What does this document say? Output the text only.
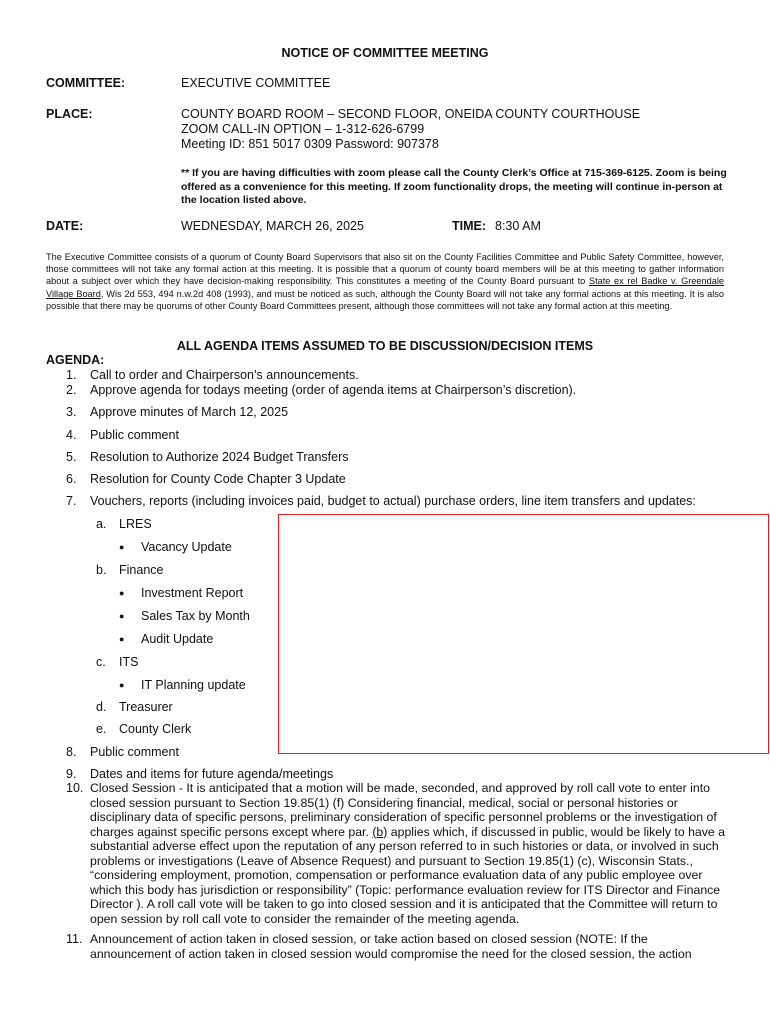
NOTICE OF COMMITTEE MEETING
COMMITTEE:	EXECUTIVE COMMITTEE
PLACE:	COUNTY BOARD ROOM – SECOND FLOOR, ONEIDA COUNTY COURTHOUSE
ZOOM CALL-IN OPTION – 1-312-626-6799
Meeting ID: 851 5017 0309 Password: 907378
** If you are having difficulties with zoom please call the County Clerk’s Office at 715-369-6125. Zoom is being offered as a convenience for this meeting. If zoom functionality drops, the meeting will continue in-person at the location listed above.
DATE:	WEDNESDAY, MARCH 26, 2025	TIME: 8:30 AM
The Executive Committee consists of a quorum of County Board Supervisors that also sit on the County Facilities Committee and Public Safety Committee, however, those committees will not take any formal action at this meeting. It is possible that a quorum of county board members will be at this meeting to gather information about a subject over which they have decision-making responsibility. This constitutes a meeting of the County Board pursuant to State ex rel Badke v. Greendale Village Board, Wis 2d 553, 494 n.w.2d 408 (1993), and must be noticed as such, although the County Board will not take any formal actions at this meeting. It is also possible that there may be quorums of other County Board Committees present, although those committees will not take any formal action at this meeting.
ALL AGENDA ITEMS ASSUMED TO BE DISCUSSION/DECISION ITEMS
AGENDA:
1.	Call to order and Chairperson’s announcements.
2.	Approve agenda for todays meeting (order of agenda items at Chairperson’s discretion).
3.	Approve minutes of March 12, 2025
4.	Public comment
5.	Resolution to Authorize 2024 Budget Transfers
6.	Resolution for County Code Chapter 3 Update
7.	Vouchers, reports (including invoices paid, budget to actual) purchase orders, line item transfers and updates:
a.	LRES
● Vacancy Update
b.	Finance
● Investment Report
● Sales Tax by Month
● Audit Update
c.	ITS
● IT Planning update
d.	Treasurer
e.	County Clerk
8.	Public comment
9.	Dates and items for future agenda/meetings
10. Closed Session - It is anticipated that a motion will be made, seconded, and approved by roll call vote to enter into closed session pursuant to Section 19.85(1) (f) Considering financial, medical, social or personal histories or disciplinary data of specific persons, preliminary consideration of specific personnel problems or the investigation of charges against specific persons except where par. (b) applies which, if discussed in public, would be likely to have a substantial adverse effect upon the reputation of any person referred to in such histories or data, or involved in such problems or investigations (Leave of Absence Request) and pursuant to Section 19.85(1) (c), Wisconsin Stats., “considering employment, promotion, compensation or performance evaluation data of any public employee over which this body has jurisdiction or responsibility” (Topic: performance evaluation review for ITS Director and Finance Director ). A roll call vote will be taken to go into closed session and it is anticipated that the Committee will return to open session by roll call vote to consider the remainder of the meeting agenda.
11. Announcement of action taken in closed session, or take action based on closed session (NOTE: If the announcement of action taken in closed session would compromise the need for the closed session, the action
